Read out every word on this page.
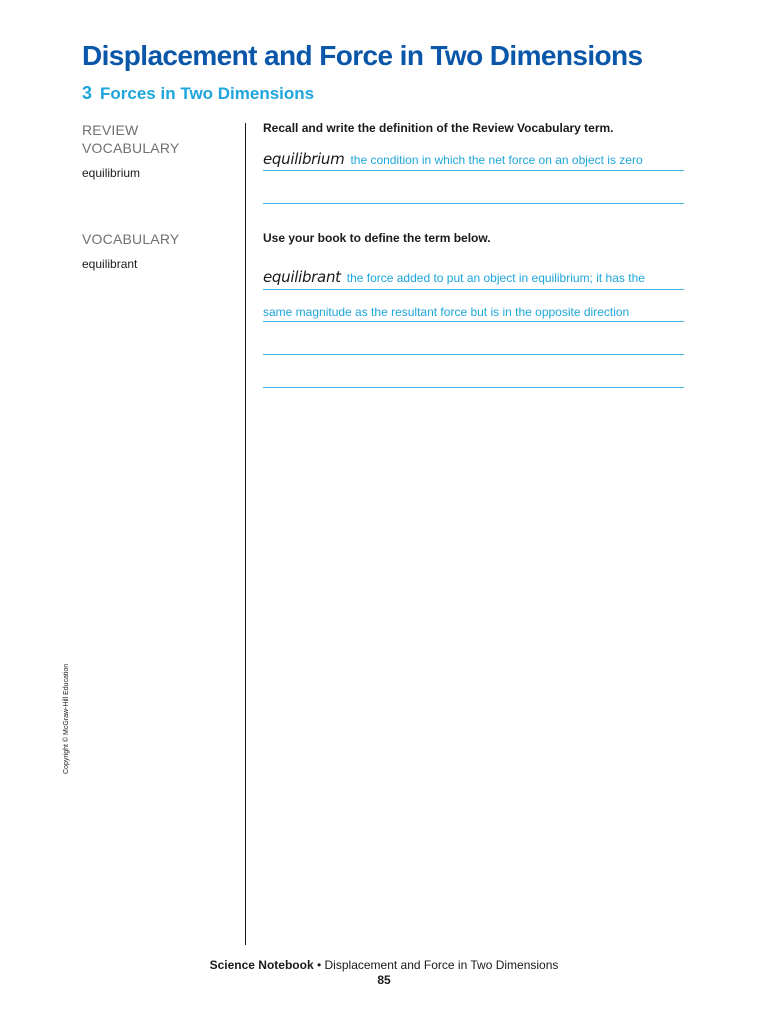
Displacement and Force in Two Dimensions
3 Forces in Two Dimensions
REVIEW
VOCABULARY
equilibrium
Recall and write the definition of the Review Vocabulary term.
equilibrium the condition in which the net force on an object is zero
VOCABULARY
equilibrant
Use your book to define the term below.
equilibrant the force added to put an object in equilibrium; it has the
same magnitude as the resultant force but is in the opposite direction
Copyright © McGraw-Hill Education
Science Notebook • Displacement and Force in Two Dimensions
85
